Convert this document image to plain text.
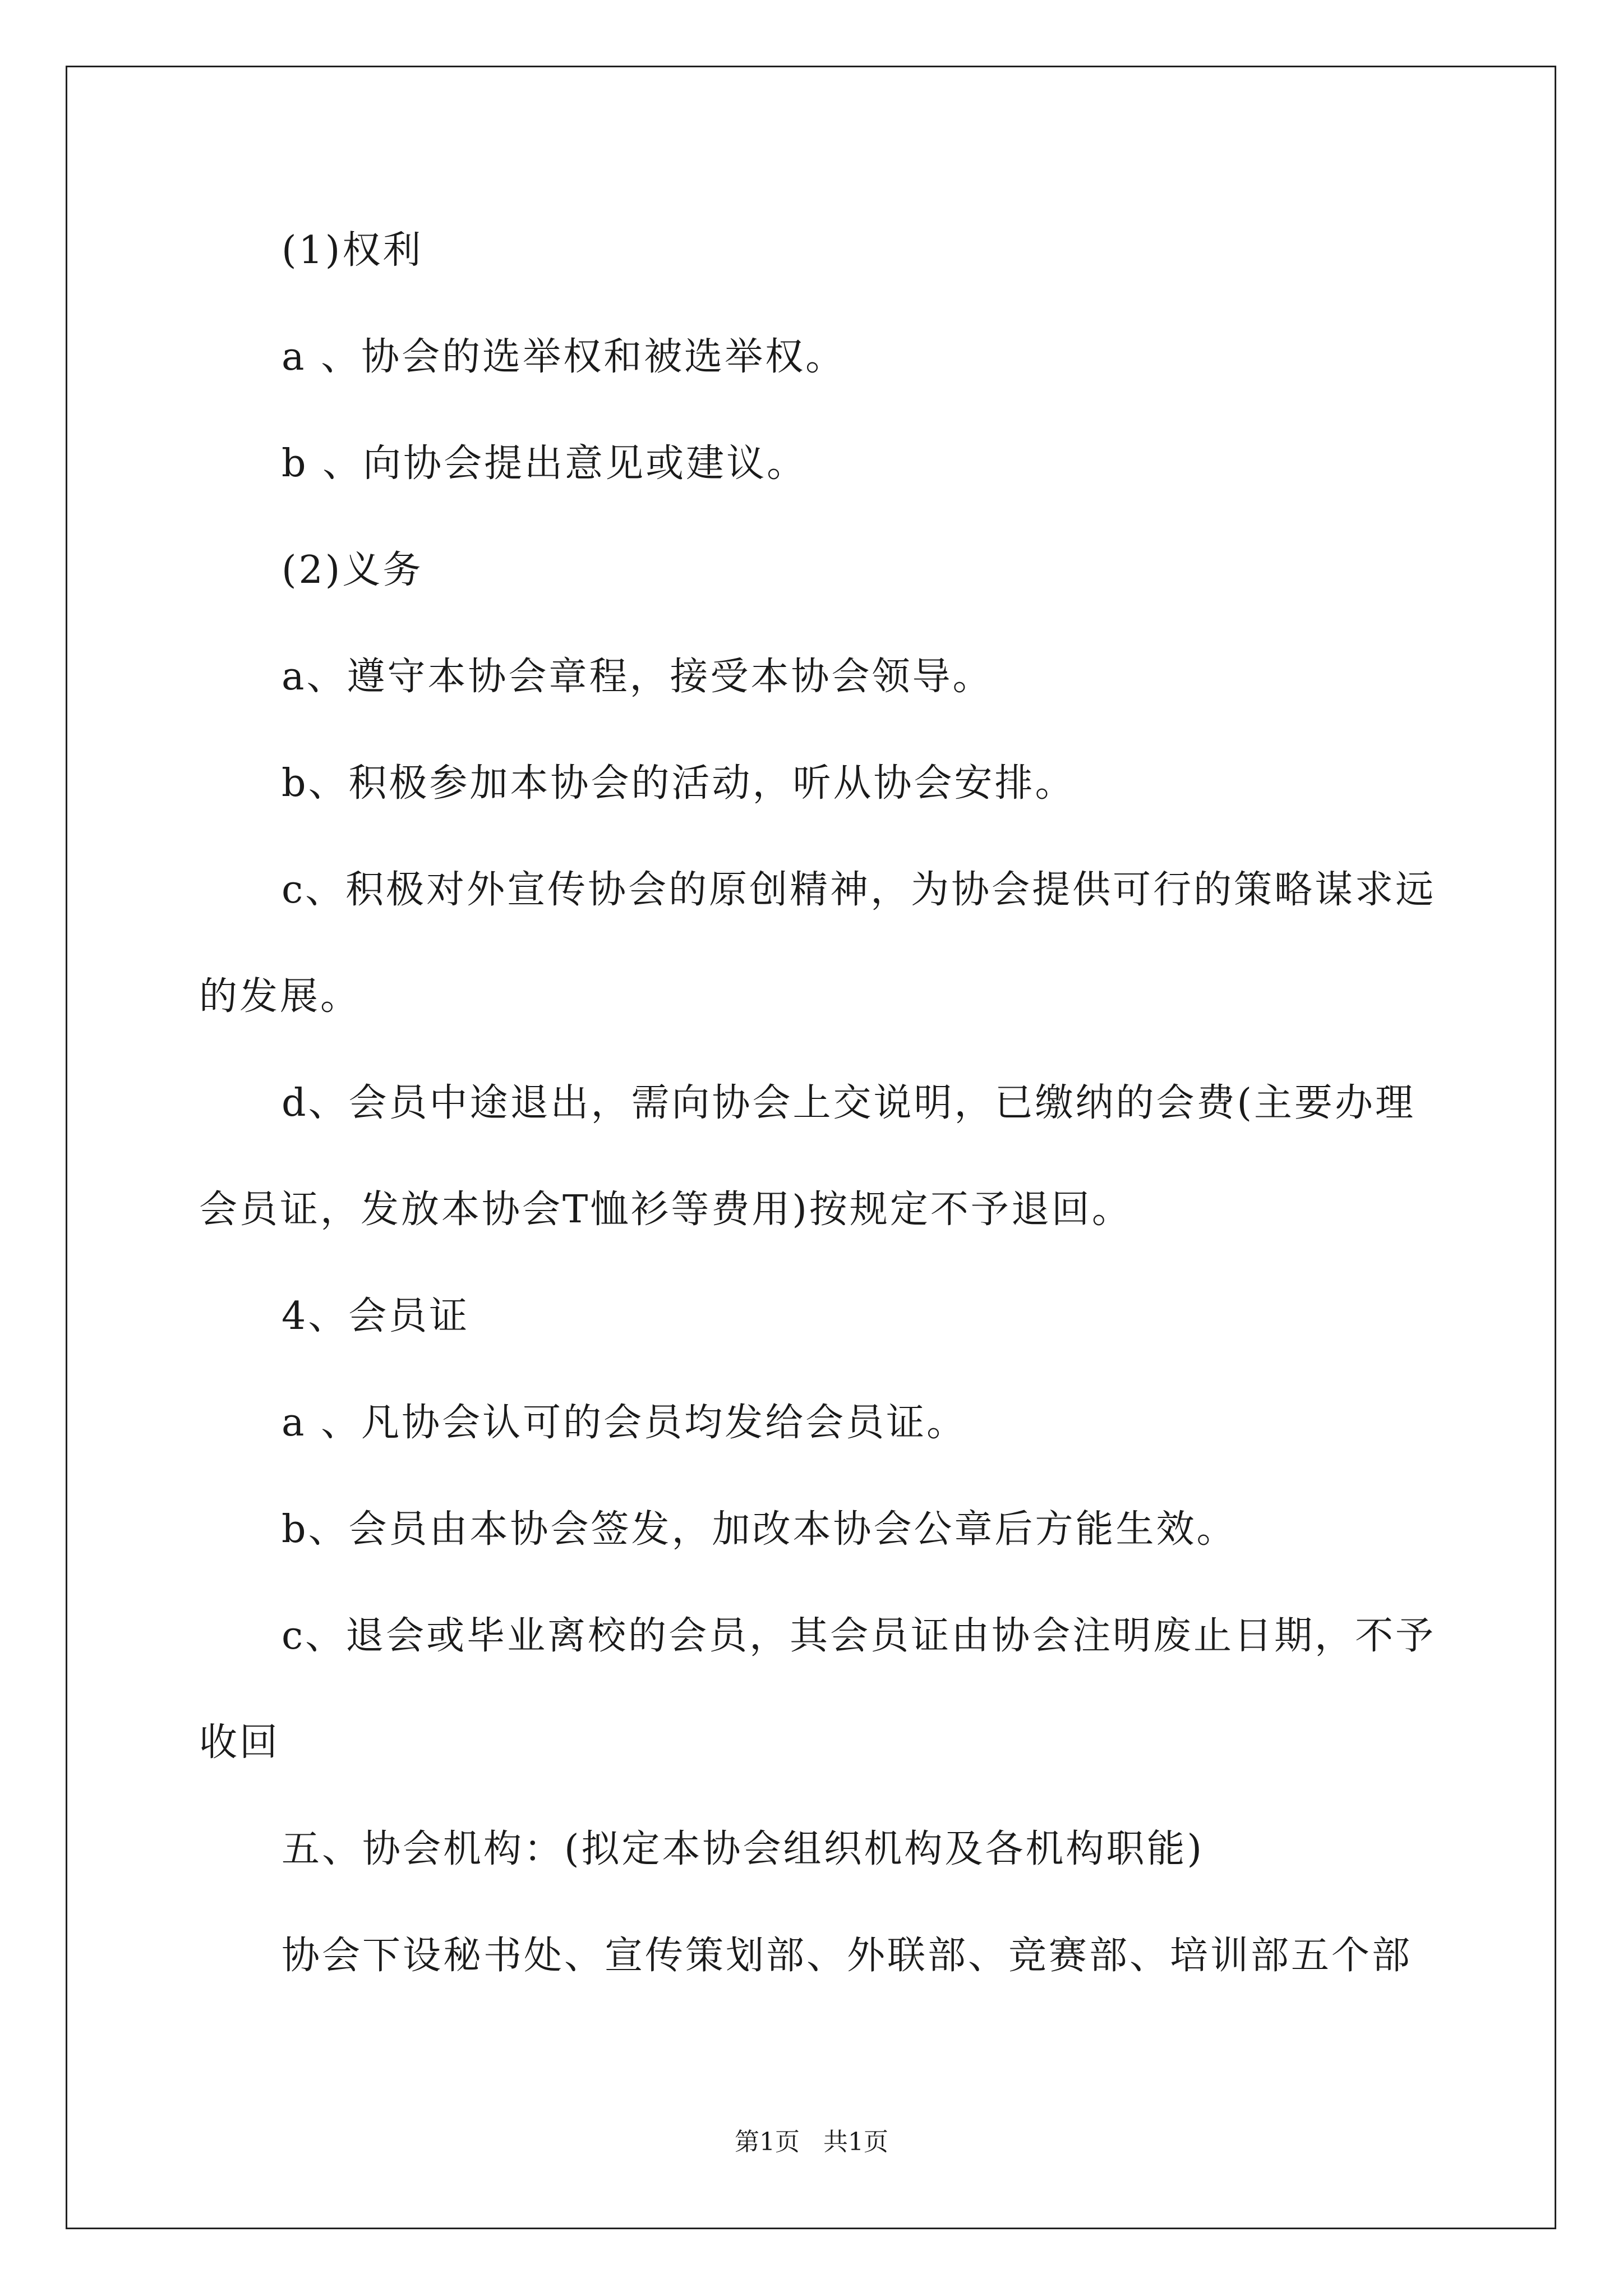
(1)权利
a 、协会的选举权和被选举权。
b 、向协会提出意见或建议。
(2)义务
a、遵守本协会章程，接受本协会领导。
b、积极参加本协会的活动，听从协会安排。
c、积极对外宣传协会的原创精神，为协会提供可行的策略谋求远
的发展。
d、会员中途退出，需向协会上交说明，已缴纳的会费(主要办理
会员证，发放本协会T恤衫等费用)按规定不予退回。
4、会员证
a 、凡协会认可的会员均发给会员证。
b、会员由本协会签发，加改本协会公章后方能生效。
c、退会或毕业离校的会员，其会员证由协会注明废止日期，不予
收回
五、协会机构：(拟定本协会组织机构及各机构职能)
协会下设秘书处、宣传策划部、外联部、竞赛部、培训部五个部
第1页   共1页
